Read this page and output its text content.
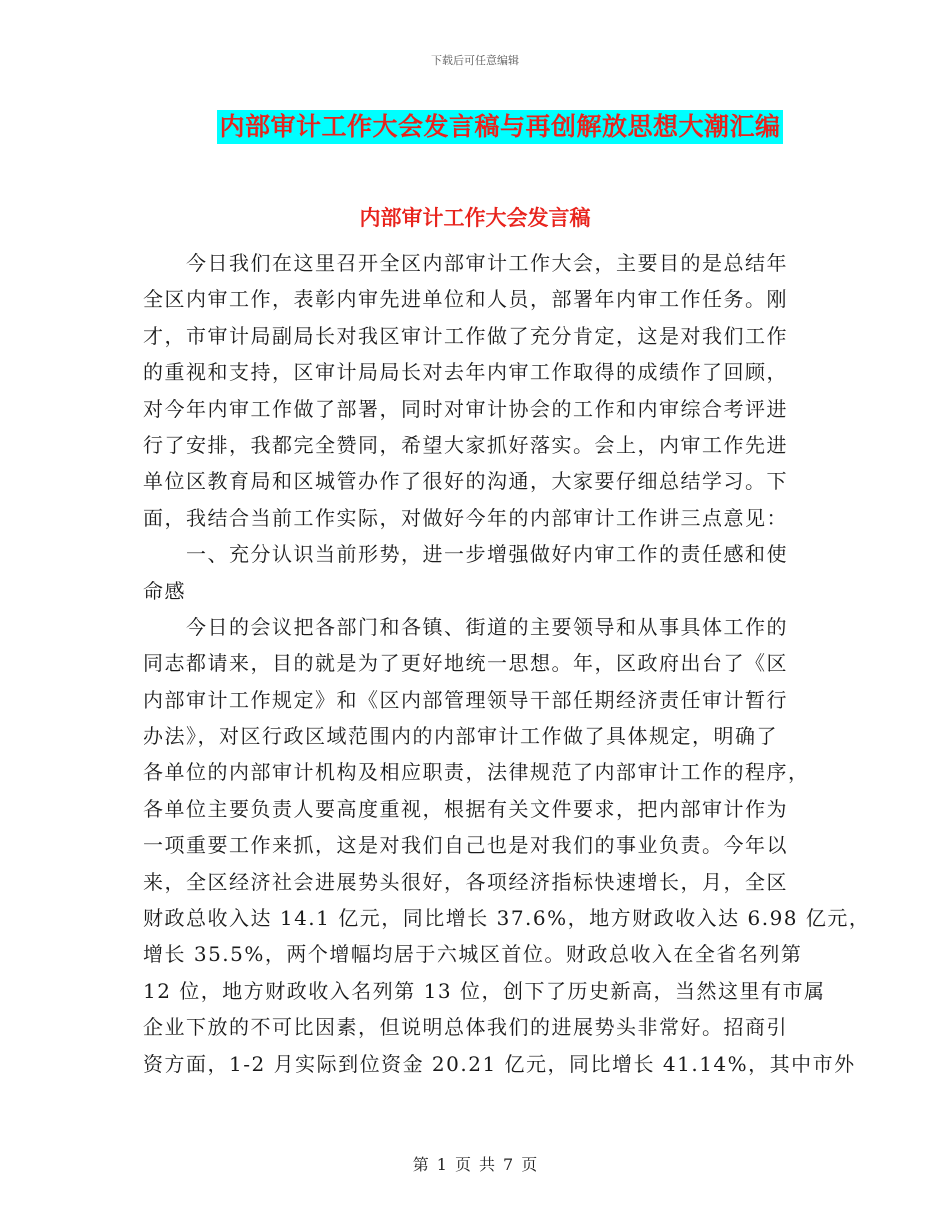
下载后可任意编辑
内部审计工作大会发言稿与再创解放思想大潮汇编
内部审计工作大会发言稿
　　今日我们在这里召开全区内部审计工作大会，主要目的是总结年
全区内审工作，表彰内审先进单位和人员，部署年内审工作任务。刚
才，市审计局副局长对我区审计工作做了充分肯定，这是对我们工作
的重视和支持，区审计局局长对去年内审工作取得的成绩作了回顾，
对今年内审工作做了部署，同时对审计协会的工作和内审综合考评进
行了安排，我都完全赞同，希望大家抓好落实。会上，内审工作先进
单位区教育局和区城管办作了很好的沟通，大家要仔细总结学习。下
面，我结合当前工作实际，对做好今年的内部审计工作讲三点意见：
　　一、充分认识当前形势，进一步增强做好内审工作的责任感和使
命感
　　今日的会议把各部门和各镇、街道的主要领导和从事具体工作的
同志都请来，目的就是为了更好地统一思想。年，区政府出台了《区
内部审计工作规定》和《区内部管理领导干部任期经济责任审计暂行
办法》，对区行政区域范围内的内部审计工作做了具体规定，明确了
各单位的内部审计机构及相应职责，法律规范了内部审计工作的程序，
各单位主要负责人要高度重视，根据有关文件要求，把内部审计作为
一项重要工作来抓，这是对我们自己也是对我们的事业负责。今年以
来，全区经济社会进展势头很好，各项经济指标快速增长，月，全区
财政总收入达 14.1 亿元，同比增长 37.6%，地方财政收入达 6.98 亿元，
增长 35.5%，两个增幅均居于六城区首位。财政总收入在全省名列第
12 位，地方财政收入名列第 13 位，创下了历史新高，当然这里有市属
企业下放的不可比因素，但说明总体我们的进展势头非常好。招商引
资方面，1-2 月实际到位资金 20.21 亿元，同比增长 41.14%，其中市外
第 1 页 共 7 页
